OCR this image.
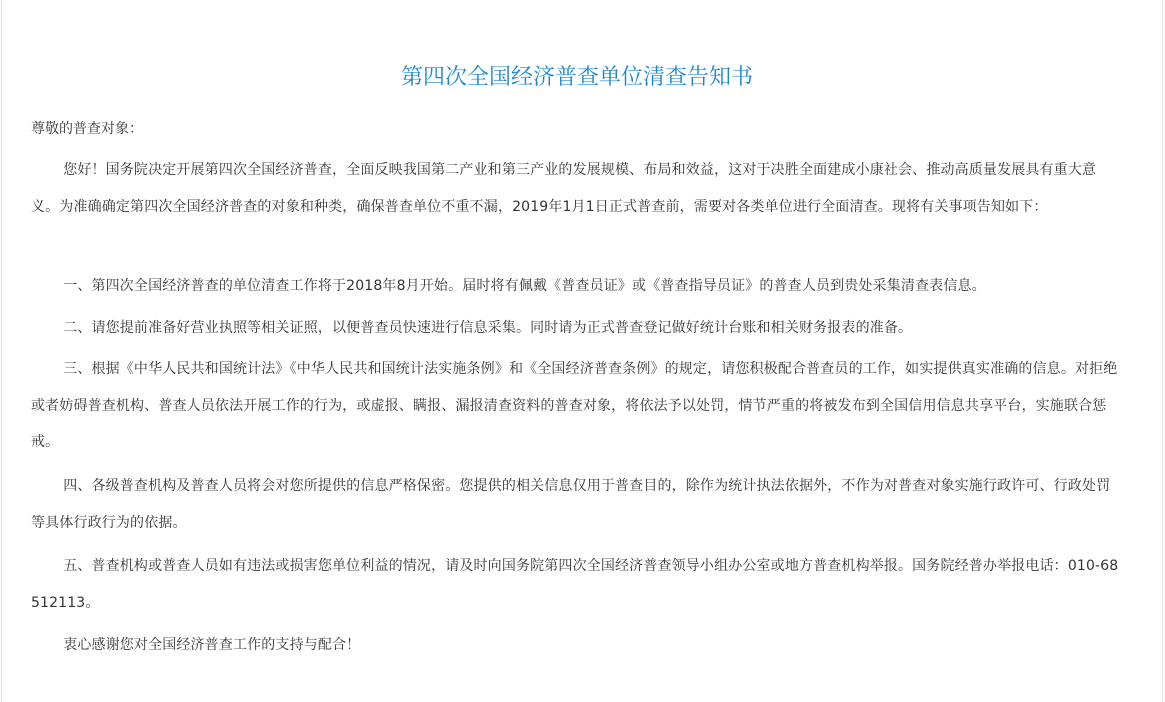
第四次全国经济普查单位清查告知书

尊敬的普查对象：

您好！国务院决定开展第四次全国经济普查，全面反映我国第二产业和第三产业的发展规模、布局和效益，这对于决胜全面建成小康社会、推动高质量发展具有重大意义。为准确确定第四次全国经济普查的对象和种类，确保普查单位不重不漏，2019年1月1日正式普查前，需要对各类单位进行全面清查。现将有关事项告知如下：

一、第四次全国经济普查的单位清查工作将于2018年8月开始。届时将有佩戴《普查员证》或《普查指导员证》的普查人员到贵处采集清查表信息。

二、请您提前准备好营业执照等相关证照，以便普查员快速进行信息采集。同时请为正式普查登记做好统计台账和相关财务报表的准备。

三、根据《中华人民共和国统计法》《中华人民共和国统计法实施条例》和《全国经济普查条例》的规定，请您积极配合普查员的工作，如实提供真实准确的信息。对拒绝或者妨碍普查机构、普查人员依法开展工作的行为，或虚报、瞒报、漏报清查资料的普查对象，将依法予以处罚，情节严重的将被发布到全国信用信息共享平台，实施联合惩戒。

四、各级普查机构及普查人员将会对您所提供的信息严格保密。您提供的相关信息仅用于普查目的，除作为统计执法依据外，不作为对普查对象实施行政许可、行政处罚等具体行政行为的依据。

五、普查机构或普查人员如有违法或损害您单位利益的情况，请及时向国务院第四次全国经济普查领导小组办公室或地方普查机构举报。国务院经普办举报电话：010-68512113。

衷心感谢您对全国经济普查工作的支持与配合！
